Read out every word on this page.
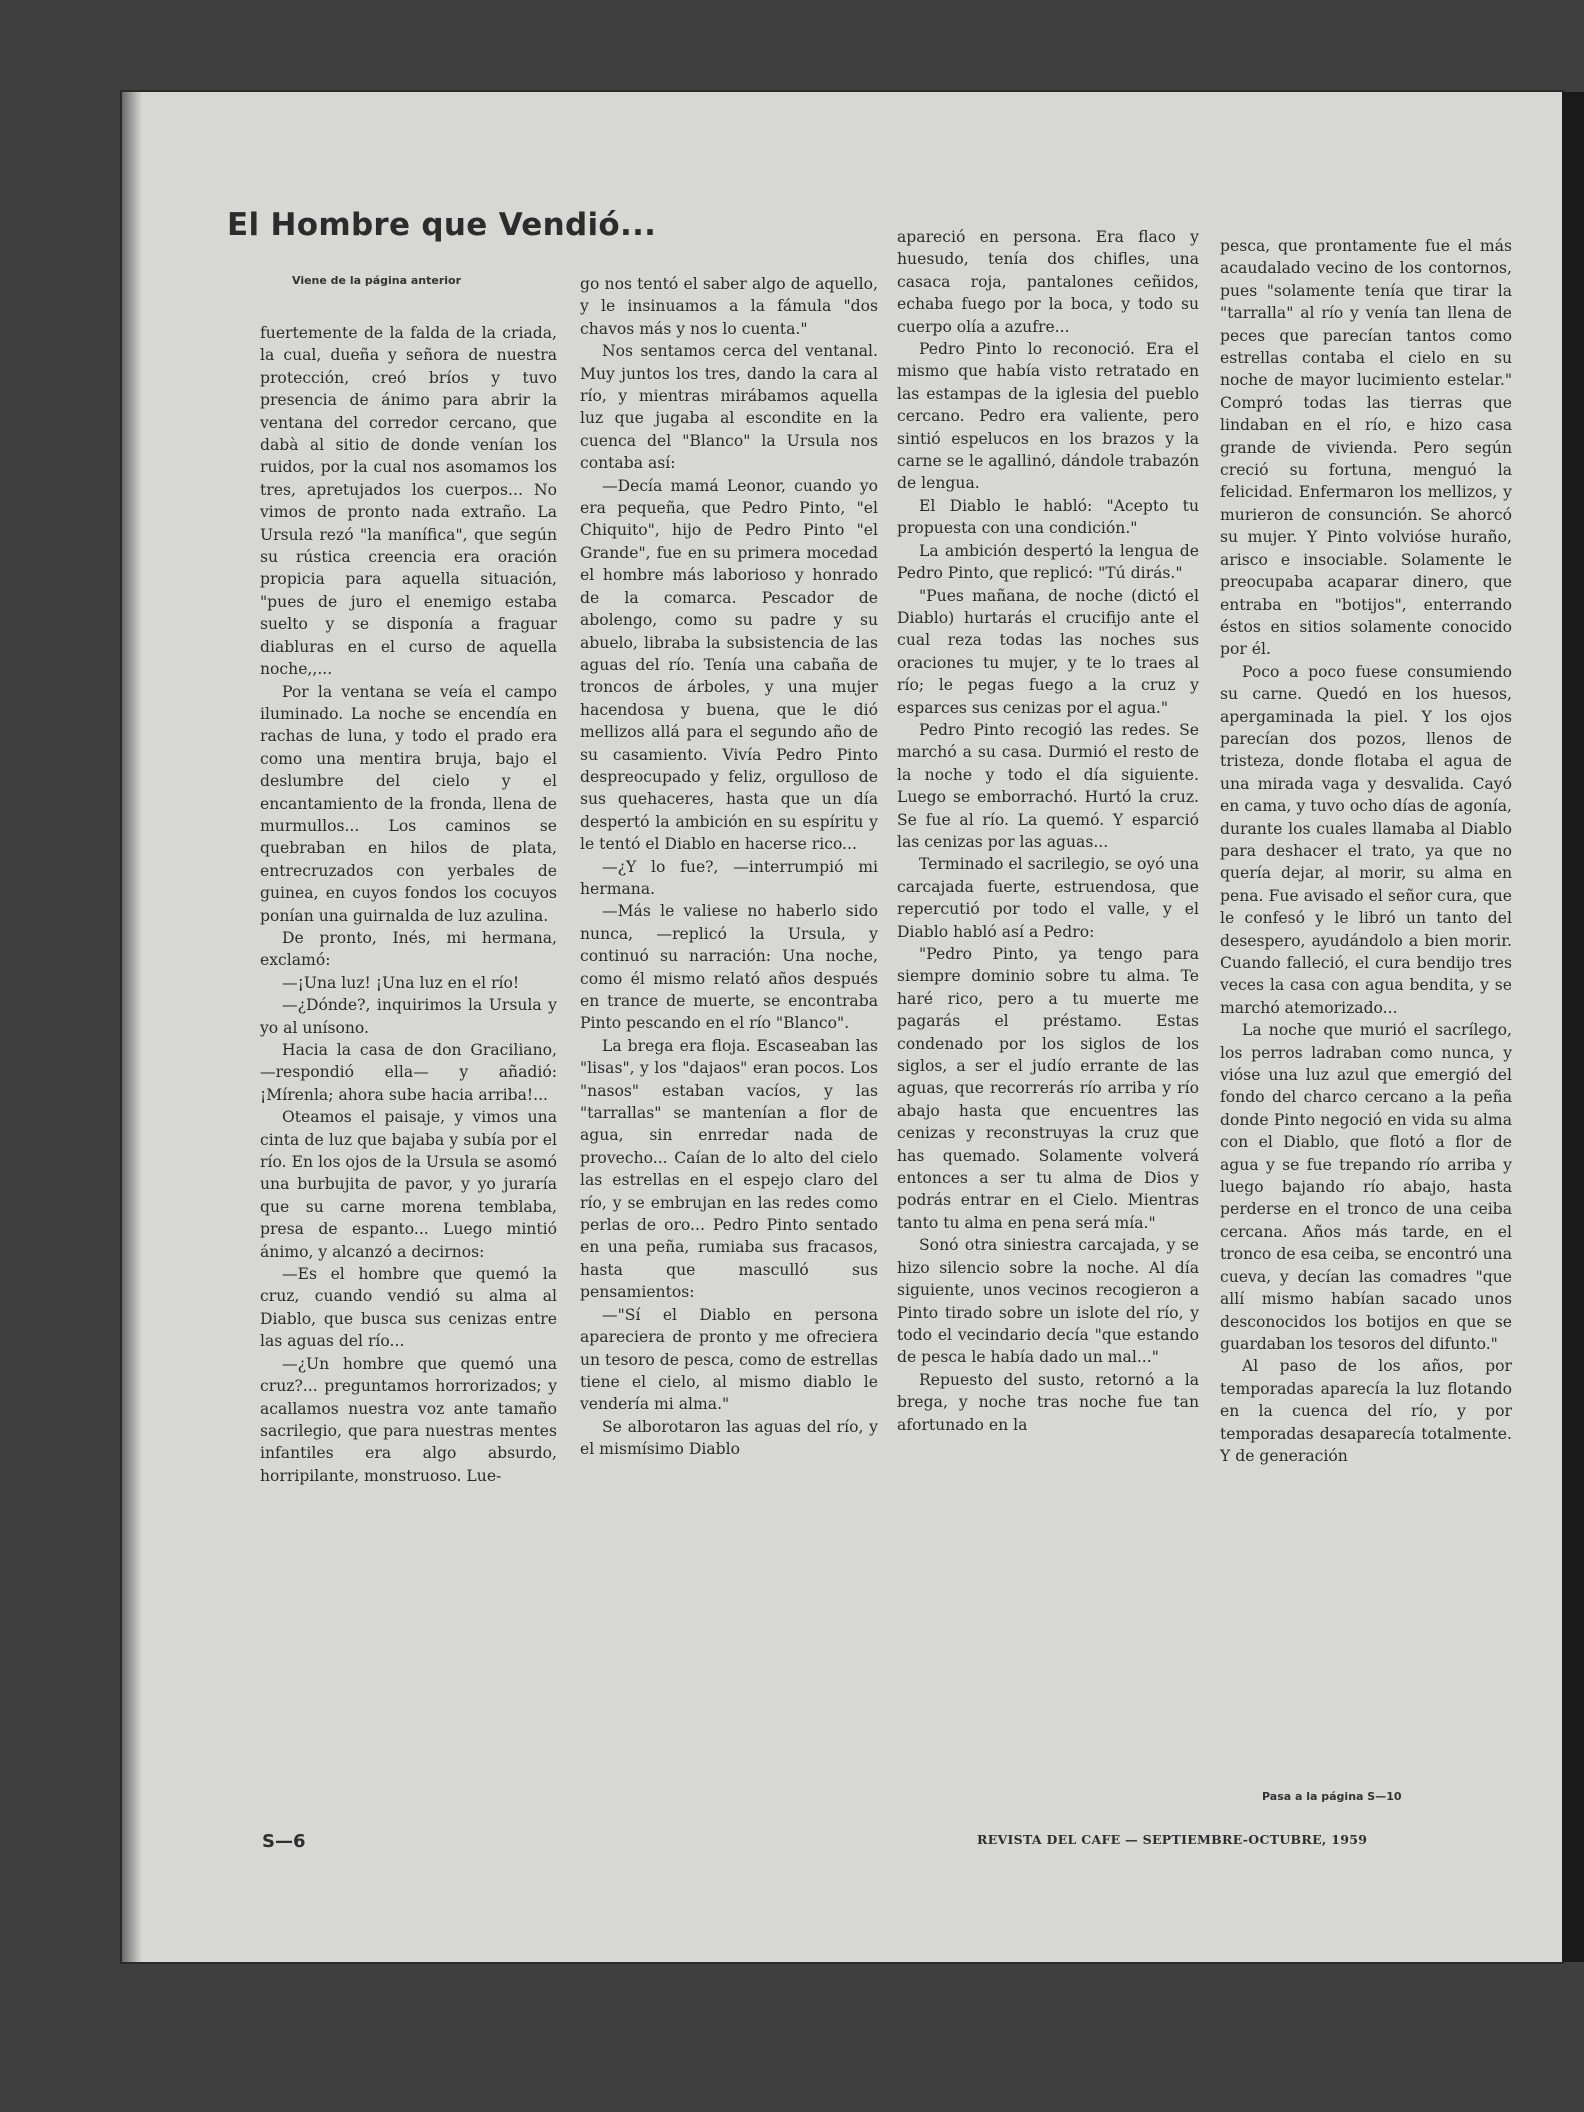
El Hombre que Vendió...
Viene de la página anterior

fuertemente de la falda de la criada, la cual, dueña y señora de nuestra protección, creó bríos y tuvo presencia de ánimo para abrir la ventana del corredor cercano, que dabà al sitio de donde venían los ruidos, por la cual nos asomamos los tres, apretujados los cuerpos... No vimos de pronto nada extraño. La Ursula rezó "la manífica", que según su rústica creencia era oración propicia para aquella situación, "pues de juro el enemigo estaba suelto y se disponía a fraguar diabluras en el curso de aquella noche,,...

Por la ventana se veía el campo iluminado. La noche se encendía en rachas de luna, y todo el prado era como una mentira bruja, bajo el deslumbre del cielo y el encantamiento de la fronda, llena de murmullos... Los caminos se quebraban en hilos de plata, entrecruzados con yerbales de guinea, en cuyos fondos los cocuyos ponían una guirnalda de luz azulina.

De pronto, Inés, mi hermana, exclamó:

—¡Una luz! ¡Una luz en el río!

—¿Dónde?, inquirimos la Ursula y yo al unísono.

Hacia la casa de don Graciliano, —respondió ella— y añadió: ¡Mírenla; ahora sube hacia arriba!...

Oteamos el paisaje, y vimos una cinta de luz que bajaba y subía por el río. En los ojos de la Ursula se asomó una burbujita de pavor, y yo juraría que su carne morena temblaba, presa de espanto... Luego mintió ánimo, y alcanzó a decirnos:

—Es el hombre que quemó la cruz, cuando vendió su alma al Diablo, que busca sus cenizas entre las aguas del río...

—¿Un hombre que quemó una cruz?... preguntamos horrorizados; y acallamos nuestra voz ante tamaño sacrilegio, que para nuestras mentes infantiles era algo absurdo, horripilante, monstruoso. Lue-

go nos tentó el saber algo de aquello, y le insinuamos a la fámula "dos chavos más y nos lo cuenta."

Nos sentamos cerca del ventanal. Muy juntos los tres, dando la cara al río, y mientras mirábamos aquella luz que jugaba al escondite en la cuenca del "Blanco" la Ursula nos contaba así:

—Decía mamá Leonor, cuando yo era pequeña, que Pedro Pinto, "el Chiquito", hijo de Pedro Pinto "el Grande", fue en su primera mocedad el hombre más laborioso y honrado de la comarca. Pescador de abolengo, como su padre y su abuelo, libraba la subsistencia de las aguas del río. Tenía una cabaña de troncos de árboles, y una mujer hacendosa y buena, que le dió mellizos allá para el segundo año de su casamiento. Vivía Pedro Pinto despreocupado y feliz, orgulloso de sus quehaceres, hasta que un día despertó la ambición en su espíritu y le tentó el Diablo en hacerse rico...

—¿Y lo fue?, —interrumpió mi hermana.

—Más le valiese no haberlo sido nunca, —replicó la Ursula, y continuó su narración: Una noche, como él mismo relató años después en trance de muerte, se encontraba Pinto pescando en el río "Blanco".

La brega era floja. Escaseaban las "lisas", y los "dajaos" eran pocos. Los "nasos" estaban vacíos, y las "tarrallas" se mantenían a flor de agua, sin enrredar nada de provecho... Caían de lo alto del cielo las estrellas en el espejo claro del río, y se embrujan en las redes como perlas de oro... Pedro Pinto sentado en una peña, rumiaba sus fracasos, hasta que masculló sus pensamientos:

—"Sí el Diablo en persona apareciera de pronto y me ofreciera un tesoro de pesca, como de estrellas tiene el cielo, al mismo diablo le vendería mi alma."

Se alborotaron las aguas del río, y el mismísimo Diablo

apareció en persona. Era flaco y huesudo, tenía dos chifles, una casaca roja, pantalones ceñidos, echaba fuego por la boca, y todo su cuerpo olía a azufre...

Pedro Pinto lo reconoció. Era el mismo que había visto retratado en las estampas de la iglesia del pueblo cercano. Pedro era valiente, pero sintió espelucos en los brazos y la carne se le agallinó, dándole trabazón de lengua.

El Diablo le habló: "Acepto tu propuesta con una condición."

La ambición despertó la lengua de Pedro Pinto, que replicó: "Tú dirás."

"Pues mañana, de noche (dictó el Diablo) hurtarás el crucifijo ante el cual reza todas las noches sus oraciones tu mujer, y te lo traes al río; le pegas fuego a la cruz y esparces sus cenizas por el agua."

Pedro Pinto recogió las redes. Se marchó a su casa. Durmió el resto de la noche y todo el día siguiente. Luego se emborrachó. Hurtó la cruz. Se fue al río. La quemó. Y esparció las cenizas por las aguas...

Terminado el sacrilegio, se oyó una carcajada fuerte, estruendosa, que repercutió por todo el valle, y el Diablo habló así a Pedro:

"Pedro Pinto, ya tengo para siempre dominio sobre tu alma. Te haré rico, pero a tu muerte me pagarás el préstamo. Estas condenado por los siglos de los siglos, a ser el judío errante de las aguas, que recorrerás río arriba y río abajo hasta que encuentres las cenizas y reconstruyas la cruz que has quemado. Solamente volverá entonces a ser tu alma de Dios y podrás entrar en el Cielo. Mientras tanto tu alma en pena será mía."

Sonó otra siniestra carcajada, y se hizo silencio sobre la noche. Al día siguiente, unos vecinos recogieron a Pinto tirado sobre un islote del río, y todo el vecindario decía "que estando de pesca le había dado un mal..."

Repuesto del susto, retornó a la brega, y noche tras noche fue tan afortunado en la

pesca, que prontamente fue el más acaudalado vecino de los contornos, pues "solamente tenía que tirar la "tarralla" al río y venía tan llena de peces que parecían tantos como estrellas contaba el cielo en su noche de mayor lucimiento estelar." Compró todas las tierras que lindaban en el río, e hizo casa grande de vivienda. Pero según creció su fortuna, menguó la felicidad. Enfermaron los mellizos, y murieron de consunción. Se ahorcó su mujer. Y Pinto volvióse huraño, arisco e insociable. Solamente le preocupaba acaparar dinero, que entraba en "botijos", enterrando éstos en sitios solamente conocido por él.

Poco a poco fuese consumiendo su carne. Quedó en los huesos, apergaminada la piel. Y los ojos parecían dos pozos, llenos de tristeza, donde flotaba el agua de una mirada vaga y desvalida. Cayó en cama, y tuvo ocho días de agonía, durante los cuales llamaba al Diablo para deshacer el trato, ya que no quería dejar, al morir, su alma en pena. Fue avisado el señor cura, que le confesó y le libró un tanto del desespero, ayudándolo a bien morir. Cuando falleció, el cura bendijo tres veces la casa con agua bendita, y se marchó atemorizado...

La noche que murió el sacrílego, los perros ladraban como nunca, y vióse una luz azul que emergió del fondo del charco cercano a la peña donde Pinto negoció en vida su alma con el Diablo, que flotó a flor de agua y se fue trepando río arriba y luego bajando río abajo, hasta perderse en el tronco de una ceiba cercana. Años más tarde, en el tronco de esa ceiba, se encontró una cueva, y decían las comadres "que allí mismo habían sacado unos desconocidos los botijos en que se guardaban los tesoros del difunto."

Al paso de los años, por temporadas aparecía la luz flotando en la cuenca del río, y por temporadas desaparecía totalmente. Y de generación

Pasa a la página S—10
S—6	REVISTA DEL CAFE — SEPTIEMBRE-OCTUBRE, 1959
